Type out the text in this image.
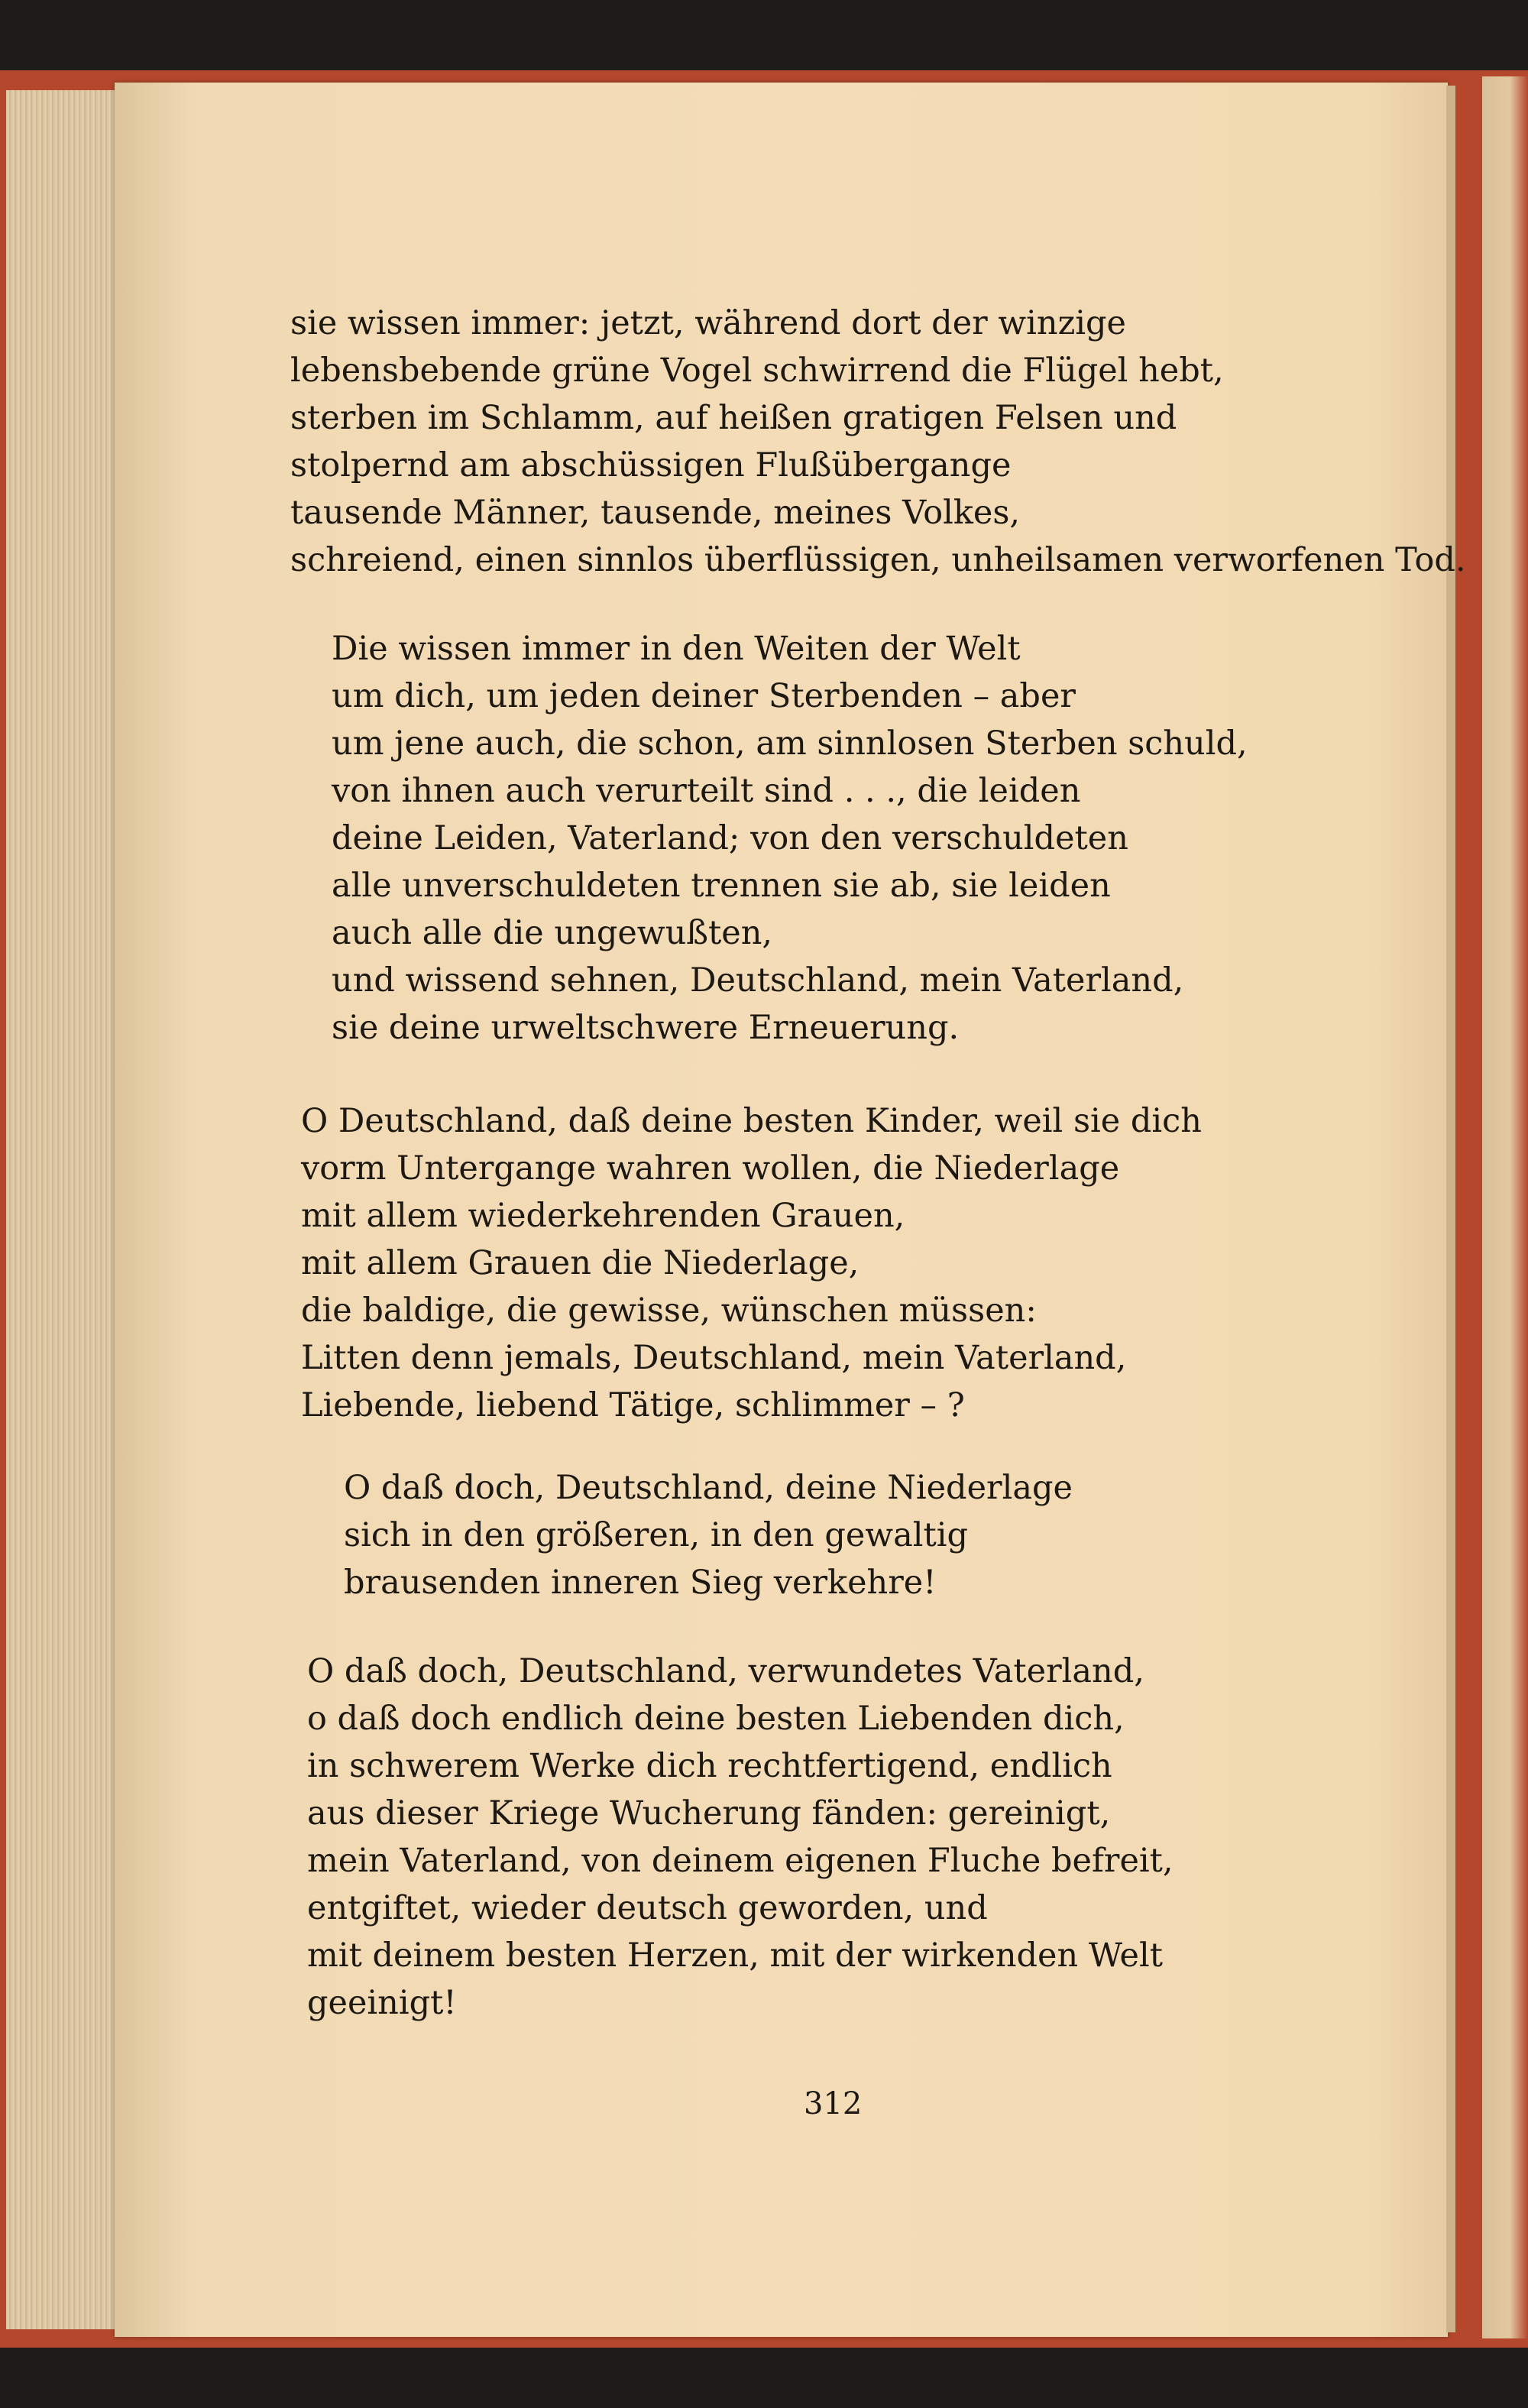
sie wissen immer: jetzt, während dort der winzige
lebensbebende grüne Vogel schwirrend die Flügel hebt,
sterben im Schlamm, auf heißen gratigen Felsen und
stolpernd am abschüssigen Flußübergange
tausende Männer, tausende, meines Volkes,
schreiend, einen sinnlos überflüssigen, unheilsamen verworfenen Tod.
Die wissen immer in den Weiten der Welt
um dich, um jeden deiner Sterbenden – aber
um jene auch, die schon, am sinnlosen Sterben schuld,
von ihnen auch verurteilt sind . . ., die leiden
deine Leiden, Vaterland; von den verschuldeten
alle unverschuldeten trennen sie ab, sie leiden
auch alle die ungewußten,
und wissend sehnen, Deutschland, mein Vaterland,
sie deine urweltschwere Erneuerung.
O Deutschland, daß deine besten Kinder, weil sie dich
vorm Untergange wahren wollen, die Niederlage
mit allem wiederkehrenden Grauen,
mit allem Grauen die Niederlage,
die baldige, die gewisse, wünschen müssen:
Litten denn jemals, Deutschland, mein Vaterland,
Liebende, liebend Tätige, schlimmer – ?
O daß doch, Deutschland, deine Niederlage
sich in den größeren, in den gewaltig
brausenden inneren Sieg verkehre!
O daß doch, Deutschland, verwundetes Vaterland,
o daß doch endlich deine besten Liebenden dich,
in schwerem Werke dich rechtfertigend, endlich
aus dieser Kriege Wucherung fänden: gereinigt,
mein Vaterland, von deinem eigenen Fluche befreit,
entgiftet, wieder deutsch geworden, und
mit deinem besten Herzen, mit der wirkenden Welt
geeinigt!
312
